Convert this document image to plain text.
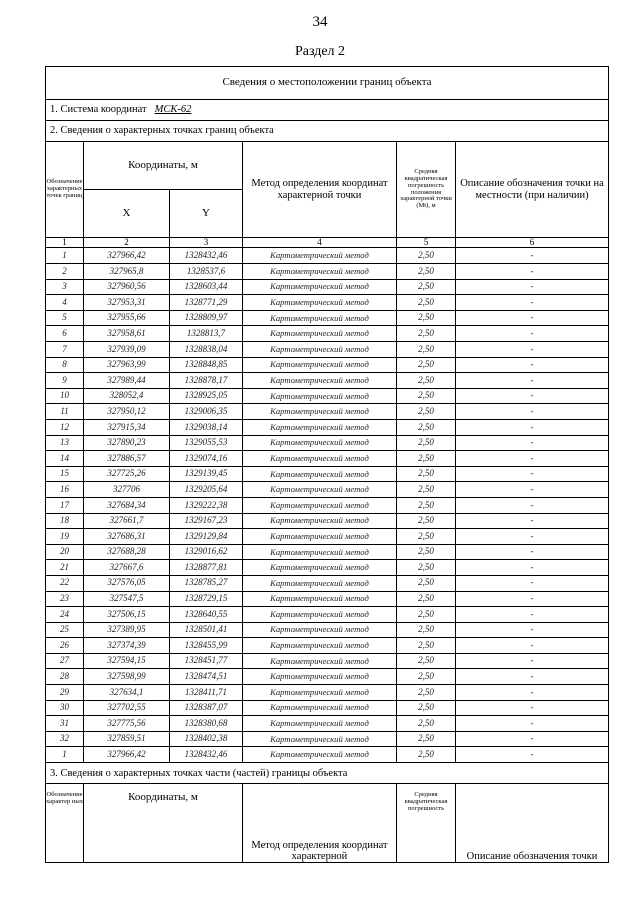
34
Раздел 2
Сведения о местоположении границ объекта					
1. Система координат МСК-62					
2. Сведения о характерных точках границ объекта					
Обозначение характерных точек границ	Координаты, м		Метод определения координат характерной точки	Средняя квадратическая погрешность положения характерной точки (Mt), м	Описание обозначения точки на местности (при наличии)
	X	Y			
1	2	3	4	5	6
1	327966,42	1328432,46	Картометрический метод	2,50	-
2	327965,8	1328537,6	Картометрический метод	2,50	-
3	327960,56	1328603,44	Картометрический метод	2,50	-
4	327953,31	1328771,29	Картометрический метод	2,50	-
5	327955,66	1328809,97	Картометрический метод	2,50	-
6	327958,61	1328813,7	Картометрический метод	2,50	-
7	327939,09	1328838,04	Картометрический метод	2,50	-
8	327963,99	1328848,85	Картометрический метод	2,50	-
9	327989,44	1328878,17	Картометрический метод	2,50	-
10	328052,4	1328925,05	Картометрический метод	2,50	-
11	327950,12	1329006,35	Картометрический метод	2,50	-
12	327915,34	1329038,14	Картометрический метод	2,50	-
13	327890,23	1329055,53	Картометрический метод	2,50	-
14	327886,57	1329074,16	Картометрический метод	2,50	-
15	327725,26	1329139,45	Картометрический метод	2,50	-
16	327706	1329205,64	Картометрический метод	2,50	-
17	327684,34	1329222,38	Картометрический метод	2,50	-
18	327661,7	1329167,23	Картометрический метод	2,50	-
19	327686,31	1329129,84	Картометрический метод	2,50	-
20	327688,28	1329016,62	Картометрический метод	2,50	-
21	327667,6	1328877,81	Картометрический метод	2,50	-
22	327576,05	1328785,27	Картометрический метод	2,50	-
23	327547,5	1328729,15	Картометрический метод	2,50	-
24	327506,15	1328640,55	Картометрический метод	2,50	-
25	327389,95	1328501,41	Картометрический метод	2,50	-
26	327374,39	1328455,99	Картометрический метод	2,50	-
27	327594,15	1328451,77	Картометрический метод	2,50	-
28	327598,99	1328474,51	Картометрический метод	2,50	-
29	327634,1	1328411,71	Картометрический метод	2,50	-
30	327702,55	1328387,07	Картометрический метод	2,50	-
31	327775,56	1328380,68	Картометрический метод	2,50	-
32	327859,51	1328402,38	Картометрический метод	2,50	-
1	327966,42	1328432,46	Картометрический метод	2,50	-
3. Сведения о характерных точках части (частей) границы объекта					
Обозначение характер ных	Координаты, м		Метод определения координат характерной	Средняя квадратическая погрешность	Описание обозначения точки
